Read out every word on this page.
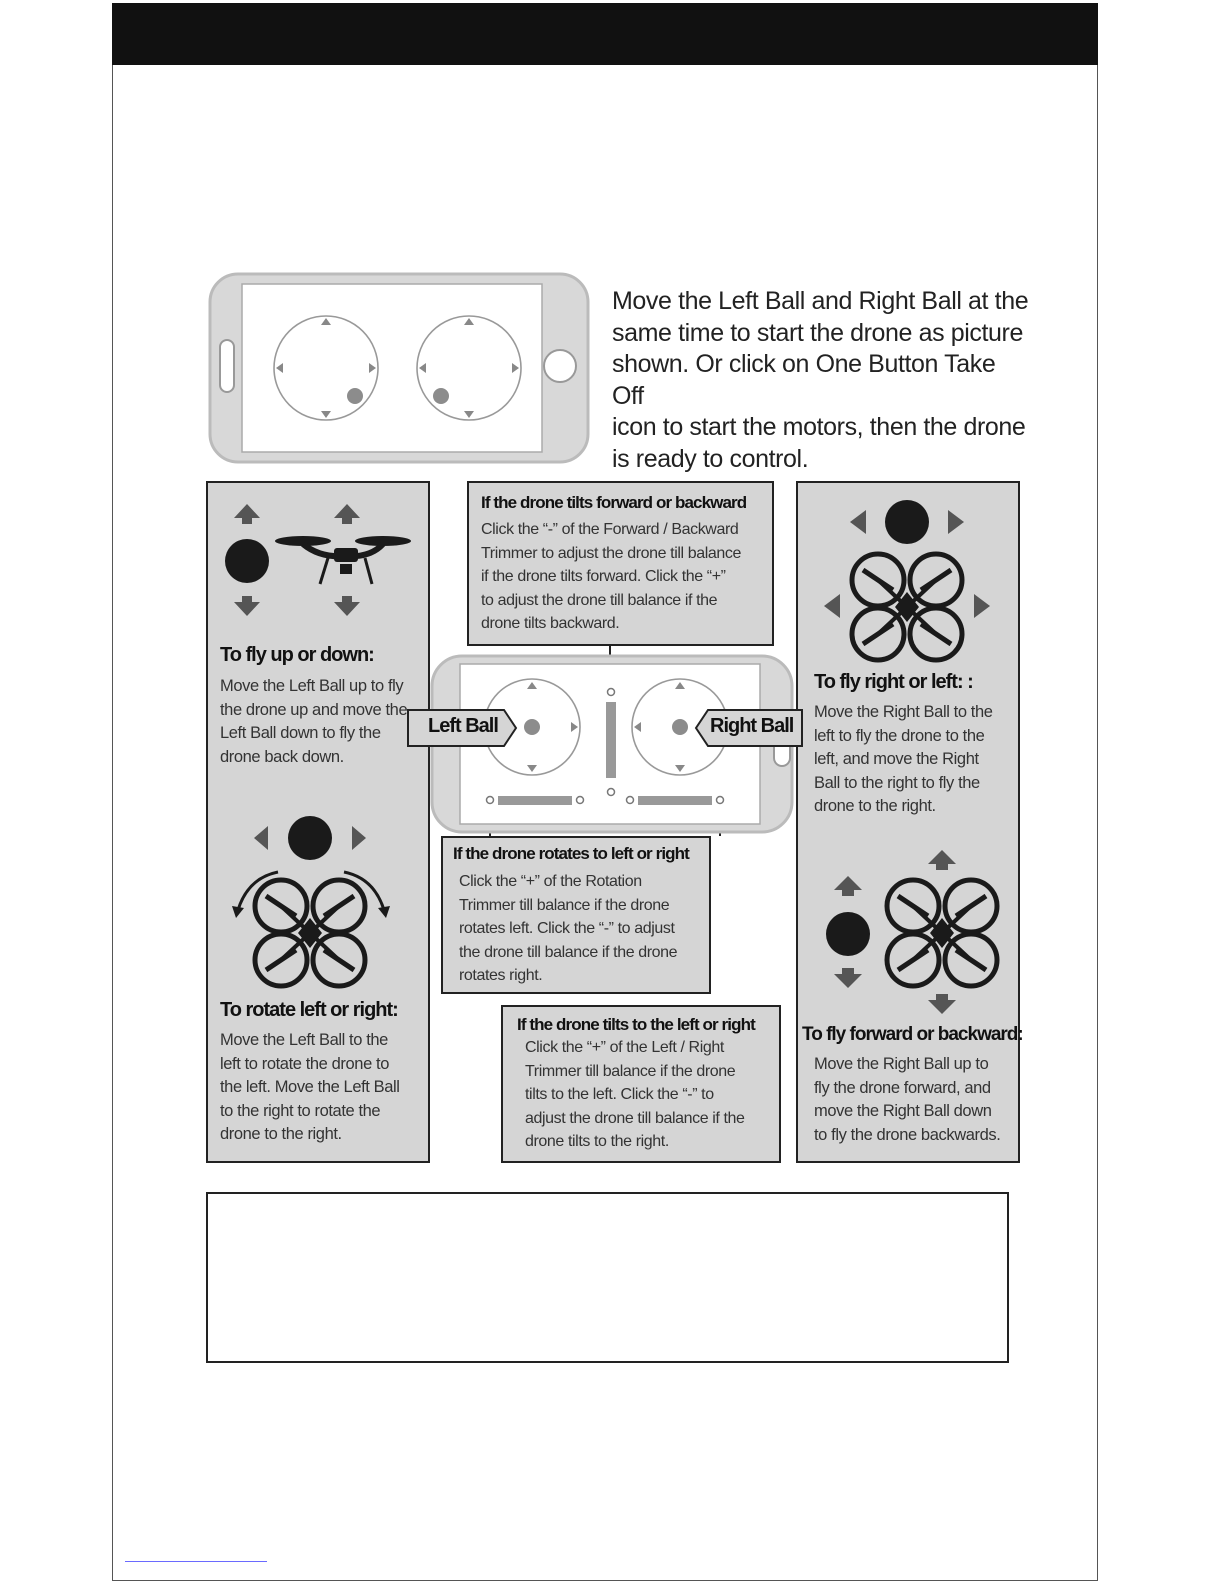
Move the Left Ball and Right Ball at the
same time to start the drone as picture
shown. Or click on One Button Take Off
icon to start the motors, then the drone
is ready to control.
To fly up or down:
Move the Left Ball up to fly
the drone up and move the
Left Ball down to fly the
drone back down.
To rotate left or right:
Move the Left Ball to the
left to rotate the drone to
the left. Move the Left Ball
to the right to rotate the
drone to the right.
To fly right or left: :
Move the Right Ball to the
left to fly the drone to the
left, and move the Right
Ball to the right to fly the
drone to the right.
To fly forward or backward:
Move the Right Ball up to
fly the drone forward, and
move the Right Ball down
to fly the drone backwards.
Left Ball	Right Ball
If the drone tilts forward or backward
Click the “-” of the Forward / Backward
Trimmer to adjust the drone till balance
if the drone tilts forward. Click the “+”
to adjust the drone till balance if the
drone tilts backward.
If the drone rotates to left or right
Click the “+” of the Rotation
Trimmer till balance if the drone
rotates left. Click the “-” to adjust
the drone till balance if the drone
rotates right.
If the drone tilts to the left or right
Click the “+” of the Left / Right
Trimmer till balance if the drone
tilts to the left. Click the “-” to
adjust the drone till balance if the
drone tilts to the right.
